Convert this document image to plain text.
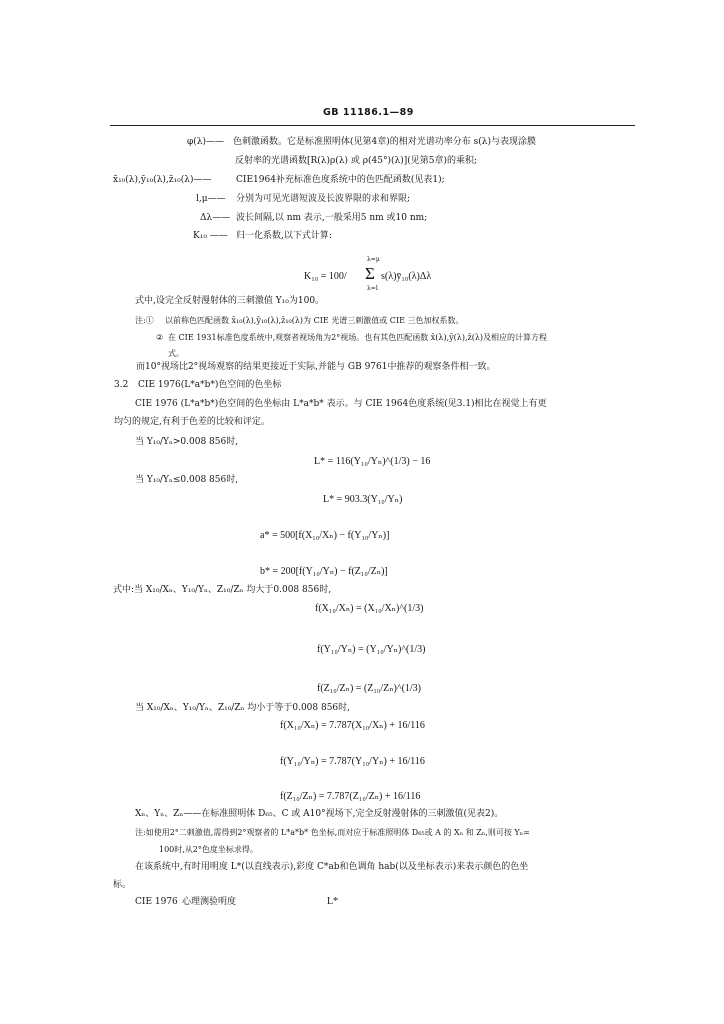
GB 11186.1—89
φ(λ)—— 色刺激函数。它是标准照明体(见第4章)的相对光谱功率分布 s(λ)与表现涂膜
反射率的光谱函数[R(λ)ρ(λ) 或 ρ(45°)(λ)](见第5章)的乘积;
x̄₁₀(λ),ȳ₁₀(λ),z̄₁₀(λ)——	CIE1964补充标准色度系统中的色匹配函数(见表1);
l,μ—— 分别为可见光谱短波及长波界限的求和界限;
Δλ—— 波长间隔,以 nm 表示,一般采用5 nm 或10 nm;
K₁₀ —— 归一化系数,以下式计算:
K₁₀ = 100/
λ=μ
Σ
λ=l
s(λ)ȳ₁₀(λ)Δλ
式中,设完全反射漫射体的三刺激值 Y₁₀为100。
注:① 以前称色匹配函数 x̄₁₀(λ),ȳ₁₀(λ),z̄₁₀(λ)为 CIE 光谱三刺激值或 CIE 三色加权系数。
② 在 CIE 1931标准色度系统中,观察者视场角为2°视场。也有其色匹配函数 x̄(λ),ȳ(λ),z̄(λ)及相应的计算方程
式。
而10°视场比2°视场观察的结果更接近于实际,并能与 GB 9761中推荐的观察条件相一致。
3.2 CIE 1976(L*a*b*)色空间的色坐标
CIE 1976 (L*a*b*)色空间的色坐标由 L*a*b* 表示。与 CIE 1964色度系统(见3.1)相比在视觉上有更
均匀的规定,有利于色差的比较和评定。
当 Y₁₀/Yₙ>0.008 856时,
L* = 116(Y₁₀/Yₙ)^(1/3) − 16
当 Y₁₀/Yₙ≤0.008 856时,
L* = 903.3(Y₁₀/Yₙ)
a* = 500[f(X₁₀/Xₙ) − f(Y₁₀/Yₙ)]
b* = 200[f(Y₁₀/Yₙ) − f(Z₁₀/Zₙ)]
式中:当 X₁₀/Xₙ、Y₁₀/Yₙ、Z₁₀/Zₙ 均大于0.008 856时,
f(X₁₀/Xₙ) = (X₁₀/Xₙ)^(1/3)
f(Y₁₀/Yₙ) = (Y₁₀/Yₙ)^(1/3)
f(Z₁₀/Zₙ) = (Z₁₀/Zₙ)^(1/3)
当 X₁₀/Xₙ、Y₁₀/Yₙ、Z₁₀/Zₙ 均小于等于0.008 856时,
f(X₁₀/Xₙ) = 7.787(X₁₀/Xₙ) + 16/116
f(Y₁₀/Yₙ) = 7.787(Y₁₀/Yₙ) + 16/116
f(Z₁₀/Zₙ) = 7.787(Z₁₀/Zₙ) + 16/116
Xₙ、Yₙ、Zₙ——在标准照明体 D₆₅、C 或 A10°视场下,完全反射漫射体的三刺激值(见表2)。
注:如使用2°二刺激值,需得到2°观察者的 L*a*b* 色坐标,而对应于标准照明体 D₆₅或 A 的 Xₙ 和 Zₙ,则可按 Yₙ=
100时,从2°色度坐标求得。
在该系统中,有时用明度 L*(以直线表示),彩度 C*ab和色调角 hab(以及坐标表示)来表示颜色的色坐
标。
CIE 1976 心理测验明度	L*
